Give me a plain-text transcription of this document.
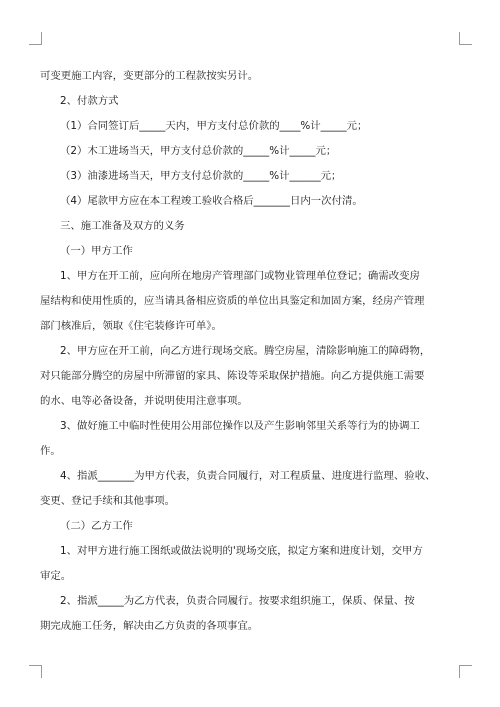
可变更施工内容，变更部分的工程款按实另计。

2、付款方式

（1）合同签订后_____天内，甲方支付总价款的____%计_____元；

（2）木工进场当天，甲方支付总价款的_____%计_____元；

（3）油漆进场当天，甲方支付总价款的_____%计______元；

（4）尾款甲方应在本工程竣工验收合格后_______日内一次付清。

三、施工准备及双方的义务

（一）甲方工作

1、甲方在开工前，应向所在地房产管理部门或物业管理单位登记；确需改变房

屋结构和使用性质的，应当请具备相应资质的单位出具鉴定和加固方案，经房产管理

部门核准后，领取《住宅装修许可单》。

2、甲方应在开工前，向乙方进行现场交底。腾空房屋，清除影响施工的障碍物，

对只能部分腾空的房屋中所滞留的家具、陈设等采取保护措施。向乙方提供施工需要

的水、电等必备设备，并说明使用注意事项。

3、做好施工中临时性使用公用部位操作以及产生影响邻里关系等行为的协调工

作。

4、指派_______为甲方代表，负责合同履行，对工程质量、进度进行监理、验收、

变更、登记手续和其他事项。

（二）乙方工作

1、对甲方进行施工图纸或做法说明的'现场交底，拟定方案和进度计划，交甲方

审定。

2、指派_____为乙方代表，负责合同履行。按要求组织施工，保质、保量、按

期完成施工任务，解决由乙方负责的各项事宜。
